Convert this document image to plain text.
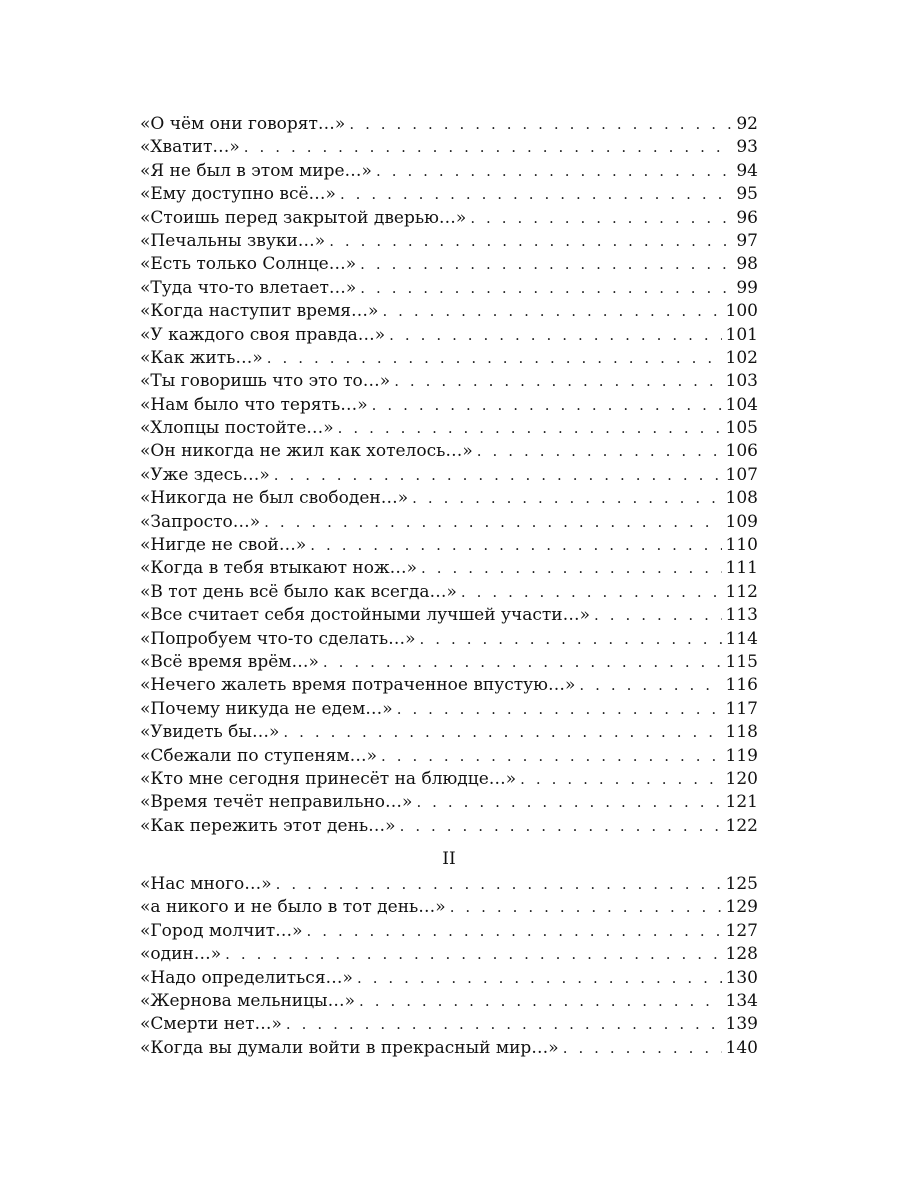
«О чём они говорят…» . . .	92
«Хватит…» . . .	93
«Я не был в этом мире…» . . .	94
«Ему доступно всё…» . . .	95
«Стоишь перед закрытой дверью…» . . .	96
«Печальны звуки…» . . .	97
«Есть только Солнце…» . . .	98
«Туда что-то влетает…» . . .	99
«Когда наступит время…» . . .	100
«У каждого своя правда…» . . .	101
«Как жить…» . . .	102
«Ты говоришь что это то…» . . .	103
«Нам было что терять…» . . .	104
«Хлопцы постойте…» . . .	105
«Он никогда не жил как хотелось…» . . .	106
«Уже здесь…» . . .	107
«Никогда не был свободен…» . . .	108
«Запросто…» . . .	109
«Нигде не свой…» . . .	110
«Когда в тебя втыкают нож…» . . .	111
«В тот день всё было как всегда…» . . .	112
«Все считает себя достойными лучшей участи…» . . .	113
«Попробуем что-то сделать…» . . .	114
«Всё время врём…» . . .	115
«Нечего жалеть время потраченное впустую…» . . .	116
«Почему никуда не едем…» . . .	117
«Увидеть бы…» . . .	118
«Сбежали по ступеням…» . . .	119
«Кто мне сегодня принесёт на блюдце…» . . .	120
«Время течёт неправильно…» . . .	121
«Как пережить этот день…» . . .	122
II
«Нас много…» . . .	125
«а никого и не было в тот день…» . . .	129
«Город молчит…» . . .	127
«один…» . . .	128
«Надо определиться…» . . .	130
«Жернова мельницы…» . . .	134
«Смерти нет…» . . .	139
«Когда вы думали войти в прекрасный мир…» . . .	140
